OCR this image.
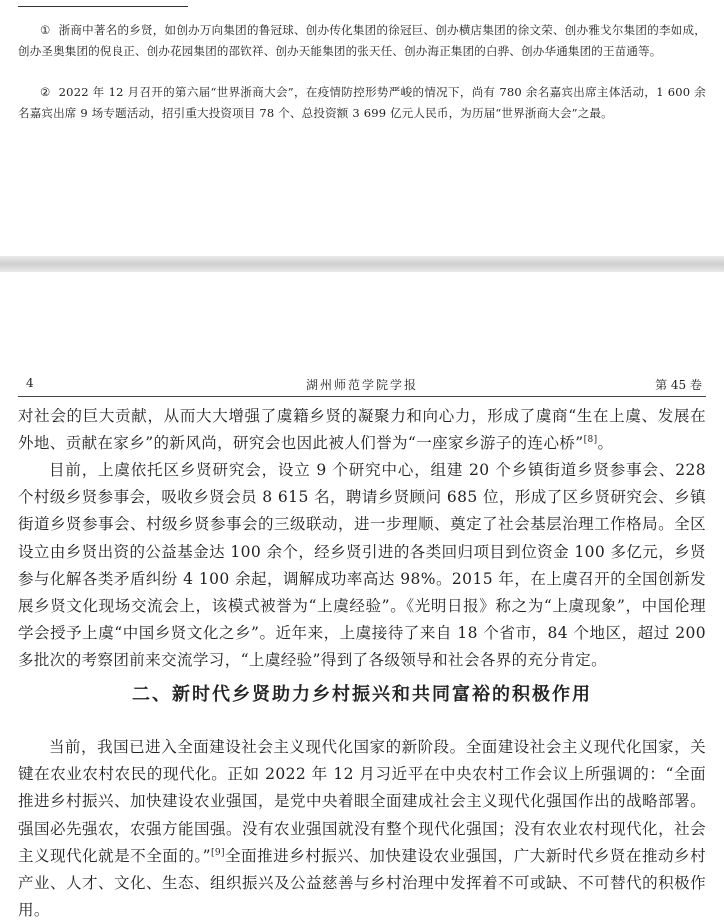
① 浙商中著名的乡贤，如创办万向集团的鲁冠球、创办传化集团的徐冠巨、创办横店集团的徐文荣、创办雅戈尔集团的李如成，创办圣奥集团的倪良正、创办花园集团的邵钦祥、创办天能集团的张天任、创办海正集团的白骅、创办华通集团的王苗通等。
② 2022 年 12 月召开的第六届“世界浙商大会”，在疫情防控形势严峻的情况下，尚有 780 余名嘉宾出席主体活动，1 600 余名嘉宾出席 9 场专题活动，招引重大投资项目 78 个、总投资额 3 699 亿元人民币，为历届“世界浙商大会”之最。
4	湖州师范学院学报	第 45 卷
对社会的巨大贡献，从而大大增强了虞籍乡贤的凝聚力和向心力，形成了虞商“生在上虞、发展在外地、贡献在家乡”的新风尚，研究会也因此被人们誉为“一座家乡游子的连心桥”[8]。
目前，上虞依托区乡贤研究会，设立 9 个研究中心，组建 20 个乡镇街道乡贤参事会、228 个村级乡贤参事会，吸收乡贤会员 8 615 名，聘请乡贤顾问 685 位，形成了区乡贤研究会、乡镇街道乡贤参事会、村级乡贤参事会的三级联动，进一步理顺、奠定了社会基层治理工作格局。全区设立由乡贤出资的公益基金达 100 余个，经乡贤引进的各类回归项目到位资金 100 多亿元，乡贤参与化解各类矛盾纠纷 4 100 余起，调解成功率高达 98%。2015 年，在上虞召开的全国创新发展乡贤文化现场交流会上，该模式被誉为“上虞经验”。《光明日报》称之为“上虞现象”，中国伦理学会授予上虞“中国乡贤文化之乡”。近年来，上虞接待了来自 18 个省市，84 个地区，超过 200 多批次的考察团前来交流学习，“上虞经验”得到了各级领导和社会各界的充分肯定。
二、新时代乡贤助力乡村振兴和共同富裕的积极作用
当前，我国已进入全面建设社会主义现代化国家的新阶段。全面建设社会主义现代化国家，关键在农业农村农民的现代化。正如 2022 年 12 月习近平在中央农村工作会议上所强调的：“全面推进乡村振兴、加快建设农业强国，是党中央着眼全面建成社会主义现代化强国作出的战略部署。强国必先强农，农强方能国强。没有农业强国就没有整个现代化强国；没有农业农村现代化，社会主义现代化就是不全面的。”[9]全面推进乡村振兴、加快建设农业强国，广大新时代乡贤在推动乡村产业、人才、文化、生态、组织振兴及公益慈善与乡村治理中发挥着不可或缺、不可替代的积极作用。
